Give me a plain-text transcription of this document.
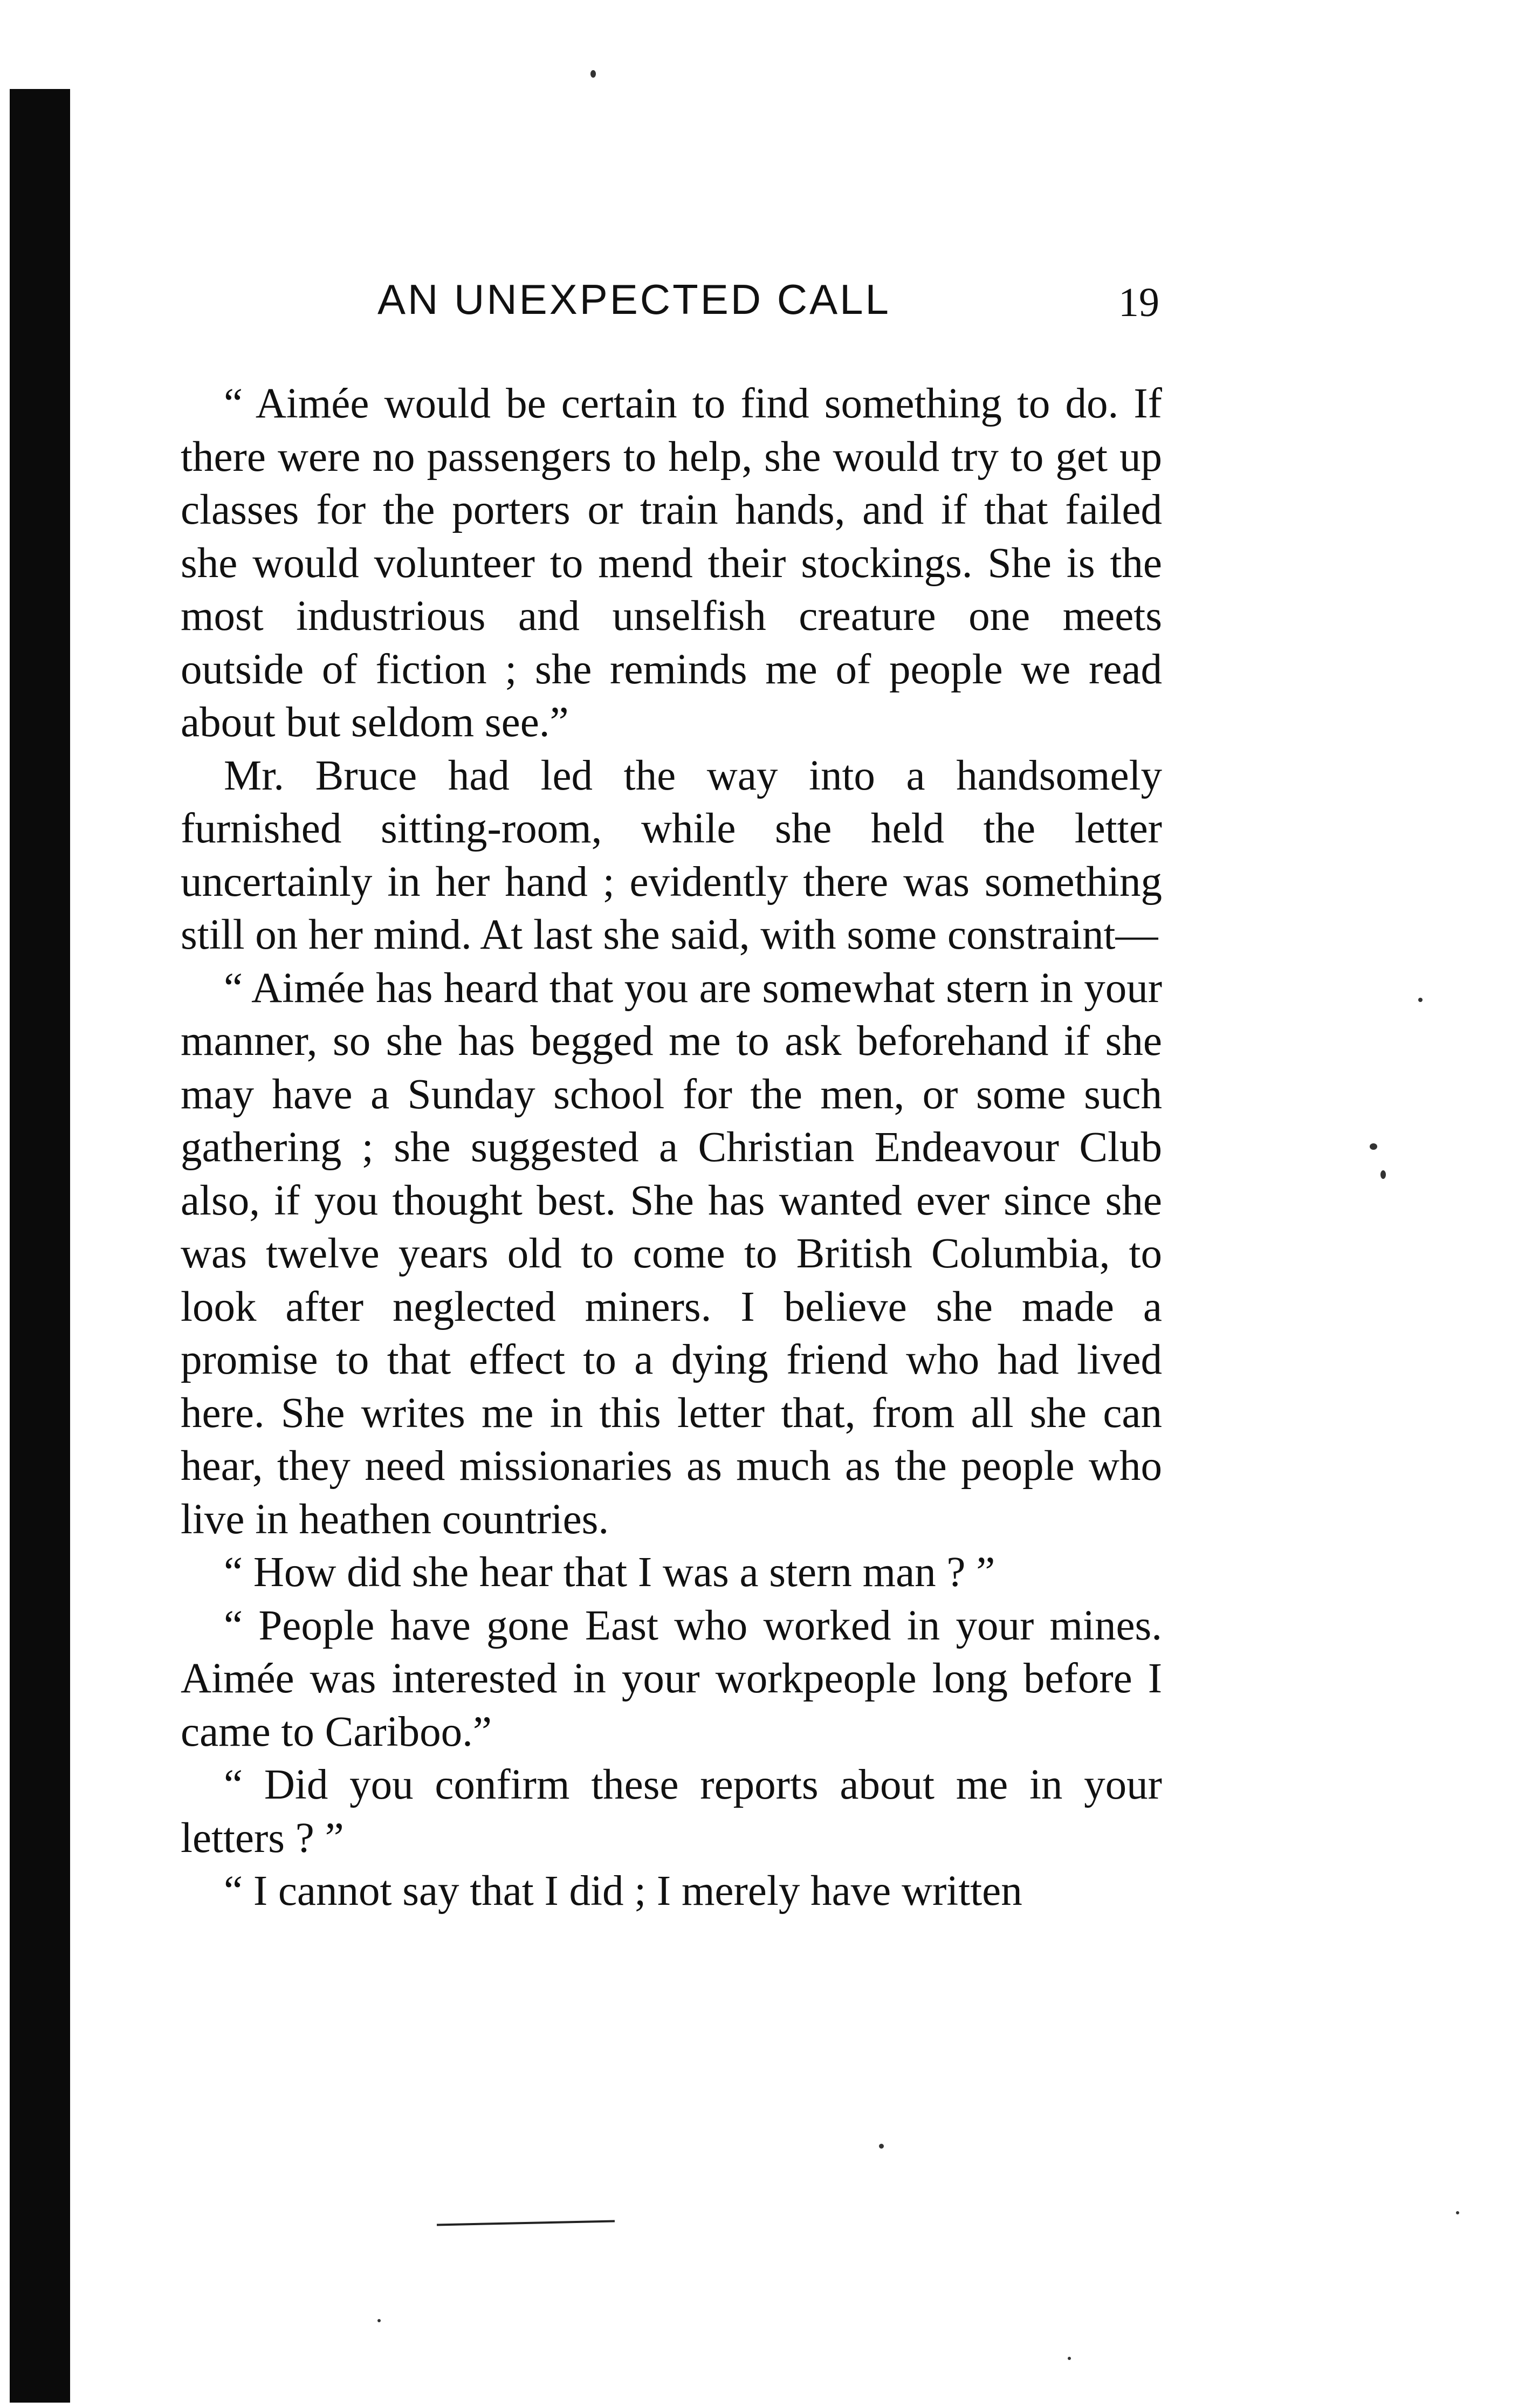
AN UNEXPECTED CALL	19

“ Aimée would be certain to find something to do. If there were no passengers to help, she would try to get up classes for the porters or train hands, and if that failed she would volunteer to mend their stockings. She is the most industrious and unselfish creature one meets outside of fiction ; she reminds me of people we read about but seldom see.”

Mr. Bruce had led the way into a handsomely furnished sitting-room, while she held the letter uncertainly in her hand ; evidently there was something still on her mind. At last she said, with some constraint—

“ Aimée has heard that you are somewhat stern in your manner, so she has begged me to ask beforehand if she may have a Sunday school for the men, or some such gathering ; she suggested a Christian Endeavour Club also, if you thought best. She has wanted ever since she was twelve years old to come to British Columbia, to look after neglected miners. I believe she made a promise to that effect to a dying friend who had lived here. She writes me in this letter that, from all she can hear, they need missionaries as much as the people who live in heathen countries.

“ How did she hear that I was a stern man ? ”

“ People have gone East who worked in your mines. Aimée was interested in your workpeople long before I came to Cariboo.”

“ Did you confirm these reports about me in your letters ? ”

“ I cannot say that I did ; I merely have written
